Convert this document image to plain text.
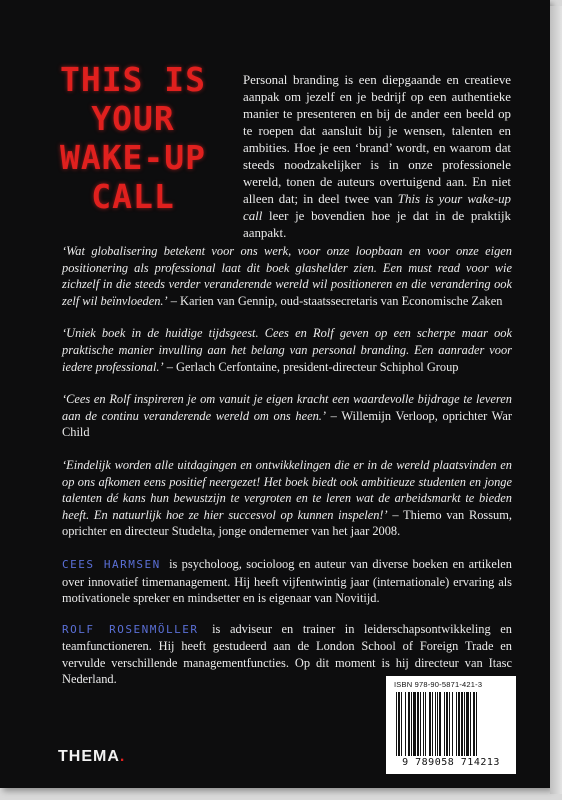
THIS IS
YOUR
WAKE-UP
CALL
Personal branding is een diepgaande en creatieve aanpak om jezelf en je bedrijf op een authentieke manier te presenteren en bij de ander een beeld op te roepen dat aansluit bij je wensen, talenten en ambities. Hoe je een ‘brand’ wordt, en waarom dat steeds noodzakelijker is in onze professionele wereld, tonen de auteurs overtuigend aan. En niet alleen dat; in deel twee van This is your wake-up call leer je bovendien hoe je dat in de praktijk aanpakt.

‘Wat globalisering betekent voor ons werk, voor onze loopbaan en voor onze eigen positionering als professional laat dit boek glashelder zien. Een must read voor wie zichzelf in die steeds verder veranderende wereld wil positioneren en die verandering ook zelf wil beïnvloeden.’ – Karien van Gennip, oud-staatssecretaris van Economische Zaken

‘Uniek boek in de huidige tijdsgeest. Cees en Rolf geven op een scherpe maar ook praktische manier invulling aan het belang van personal branding. Een aanrader voor iedere professional.’ – Gerlach Cerfontaine, president-directeur Schiphol Group

‘Cees en Rolf inspireren je om vanuit je eigen kracht een waardevolle bijdrage te leveren aan de continu veranderende wereld om ons heen.’ – Willemijn Verloop, oprichter War Child

‘Eindelijk worden alle uitdagingen en ontwikkelingen die er in de wereld plaatsvinden en op ons afkomen eens positief neergezet! Het boek biedt ook ambitieuze studenten en jonge talenten dé kans hun bewustzijn te vergroten en te leren wat de arbeidsmarkt te bieden heeft. En natuurlijk hoe ze hier succesvol op kunnen inspelen!’ – Thiemo van Rossum, oprichter en directeur Studelta, jonge ondernemer van het jaar 2008.

CEES HARMSEN is psycholoog, socioloog en auteur van diverse boeken en artikelen over innovatief timemanagement. Hij heeft vijfentwintig jaar (internationale) ervaring als motivationele spreker en mindsetter en is eigenaar van Novitijd.

ROLF ROSENMÖLLER is adviseur en trainer in leiderschapsontwikkeling en teamfunctioneren. Hij heeft gestudeerd aan de London School of Foreign Trade en vervulde verschillende managementfuncties. Op dit moment is hij directeur van Itasc Nederland.	ISBN 978-90-5871-421-3
9 789058 714213
THEMA.
